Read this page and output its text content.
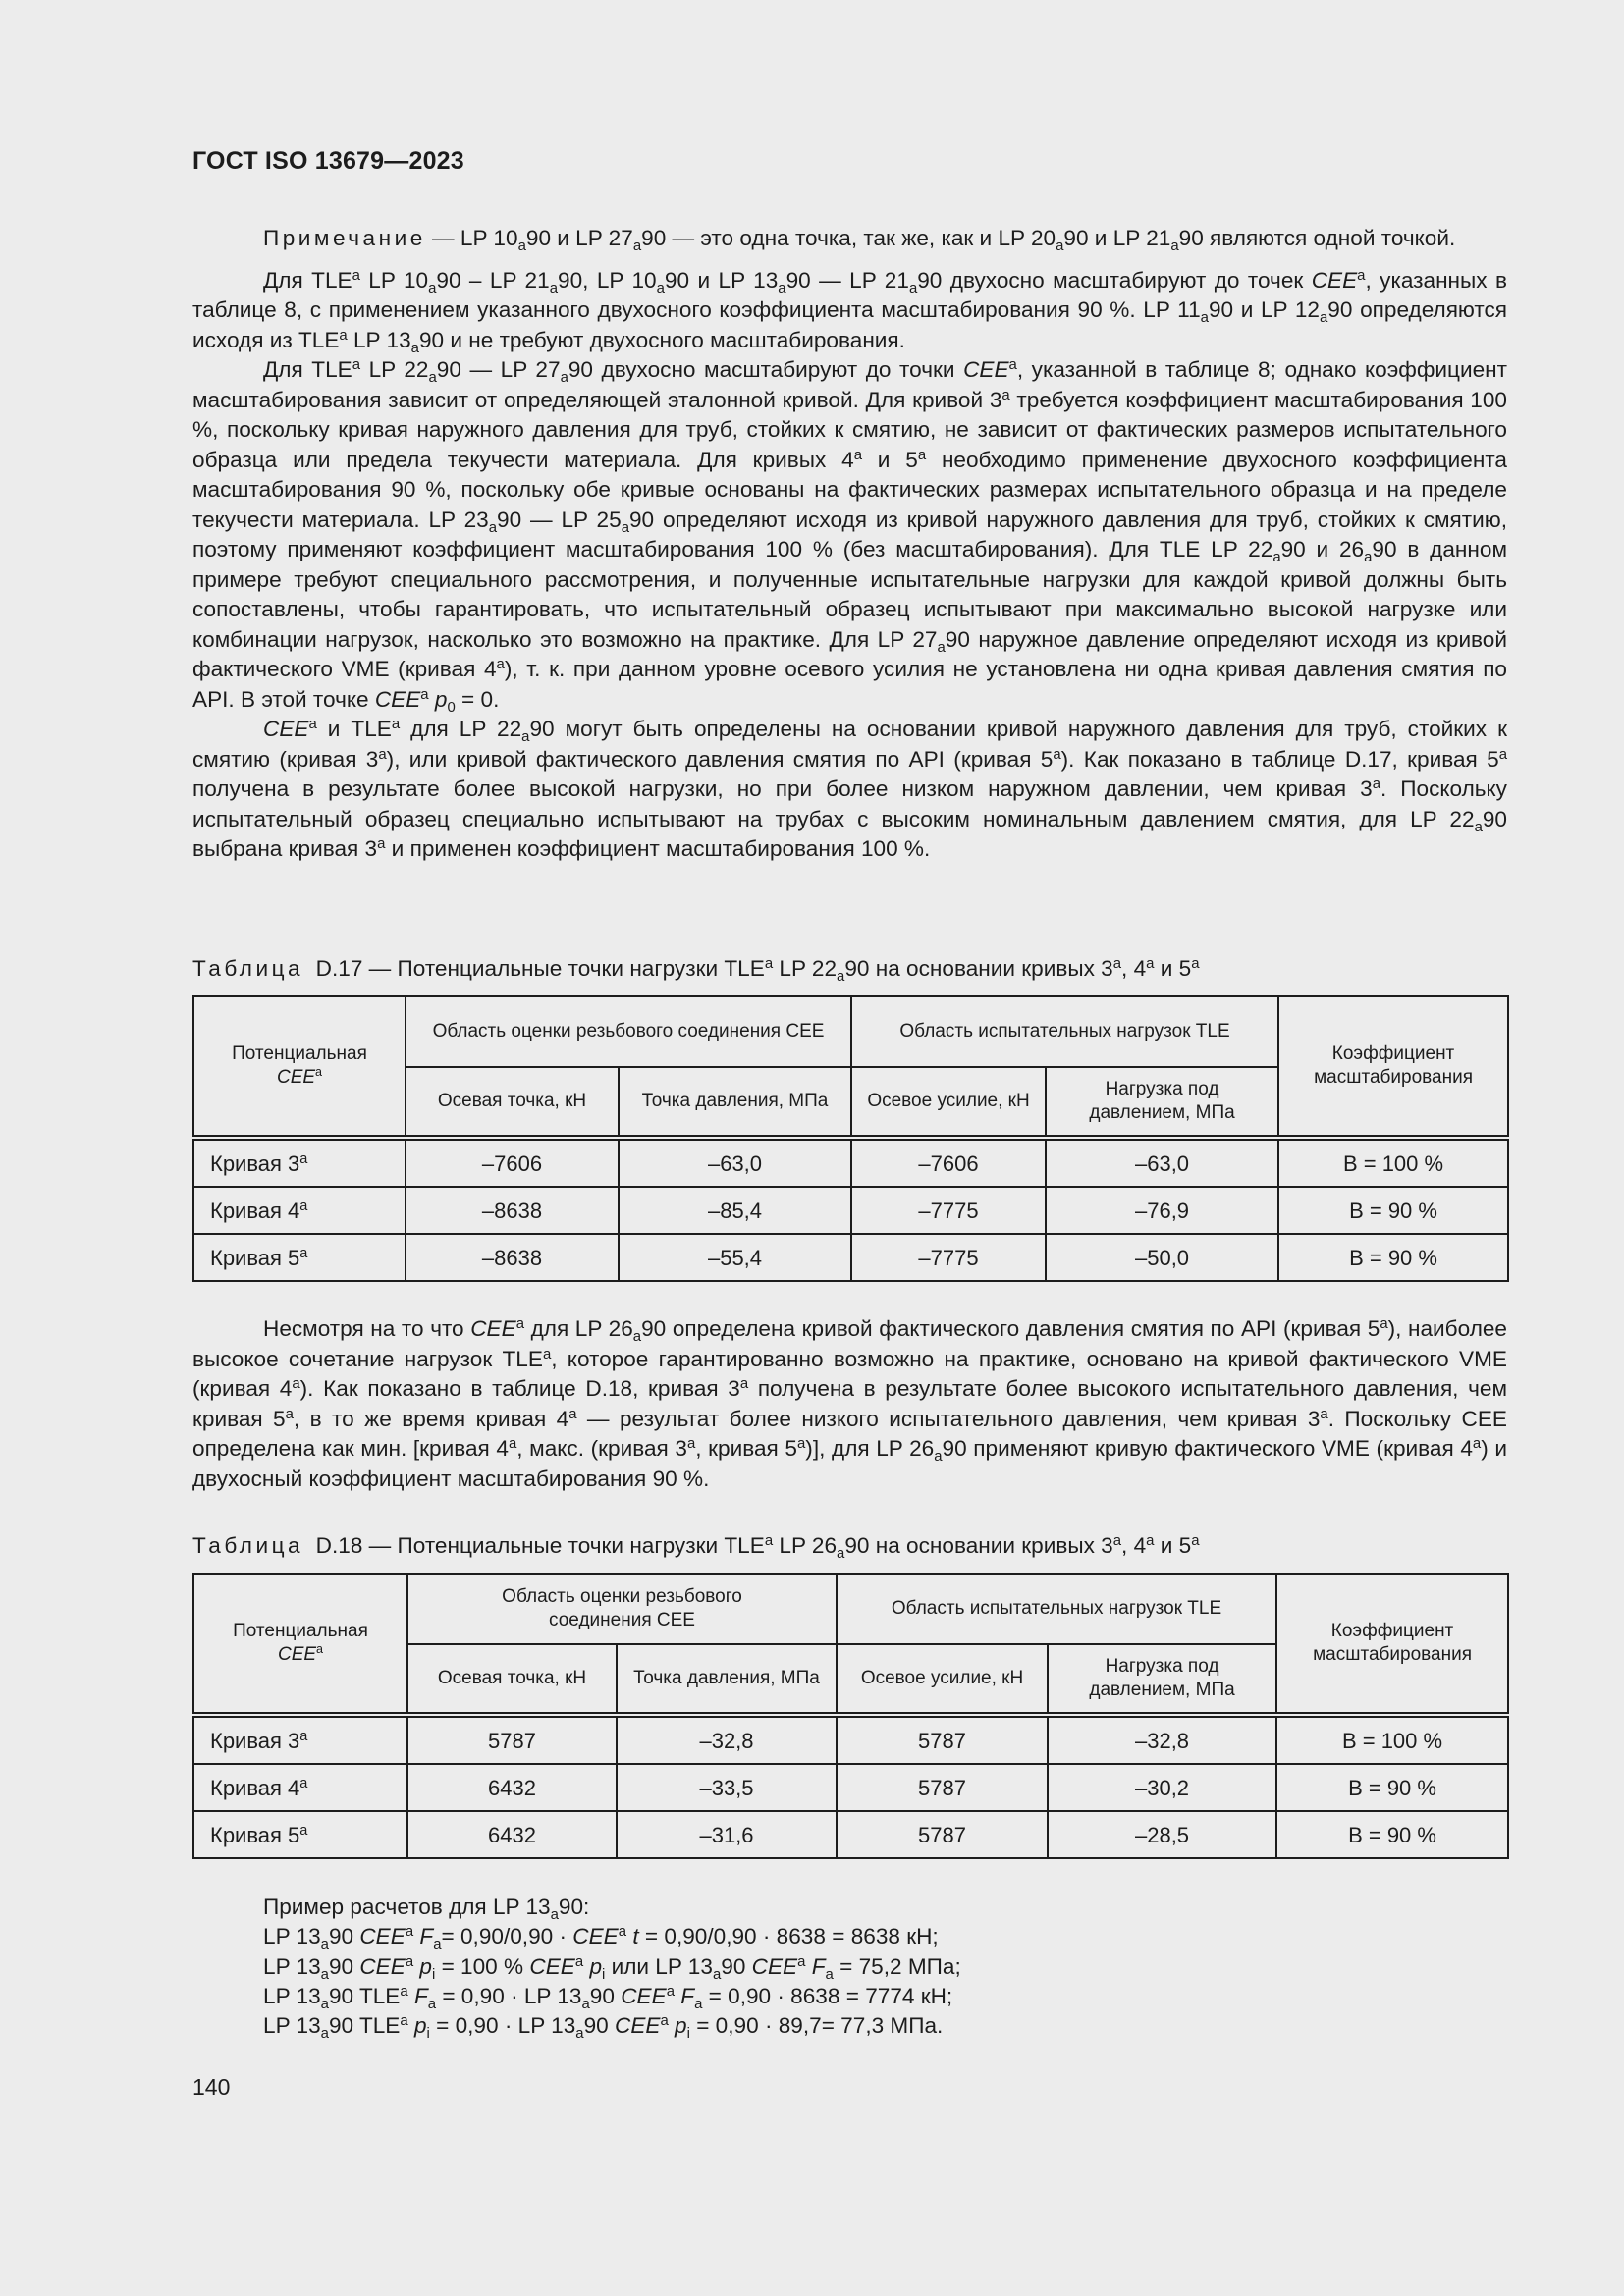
ГОСТ ISO 13679—2023

Примечание — LP $10_a90$ и LP $27_a90$ — это одна точка, так же, как и LP $20_a90$ и LP $21_a90$ являются одной точкой.

Для TLE$^a$ LP $10_a90$ – LP $21_a90$, LP $10_a90$ и LP $13_a90$ — LP $21_a90$ двухосно масштабируют до точек CEE$^a$, указанных в таблице 8, с применением указанного двухосного коэффициента масштабирования 90 %. LP $11_a90$ и LP $12_a90$ определяются исходя из TLE$^a$ LP $13_a90$ и не требуют двухосного масштабирования.

Для TLE$^a$ LP $22_a90$ — LP $27_a90$ двухосно масштабируют до точки CEE$^a$, указанной в таблице 8; однако коэффициент масштабирования зависит от определяющей эталонной кривой. Для кривой 3$^a$ требуется коэффициент масштабирования 100 %, поскольку кривая наружного давления для труб, стойких к смятию, не зависит от фактических размеров испытательного образца или предела текучести материала. Для кривых 4$^a$ и 5$^a$ необходимо применение двухосного коэффициента масштабирования 90 %, поскольку обе кривые основаны на фактических размерах испытательного образца и на пределе текучести материала. LP $23_a90$ — LP $25_a90$ определяют исходя из кривой наружного давления для труб, стойких к смятию, поэтому применяют коэффициент масштабирования 100 % (без масштабирования). Для TLE LP $22_a90$ и $26_a90$ в данном примере требуют специального рассмотрения, и полученные испытательные нагрузки для каждой кривой должны быть сопоставлены, чтобы гарантировать, что испытательный образец испытывают при максимально высокой нагрузке или комбинации нагрузок, насколько это возможно на практике. Для LP $27_a90$ наружное давление определяют исходя из кривой фактического VME (кривая 4$^a$), т. к. при данном уровне осевого усилия не установлена ни одна кривая давления смятия по API. В этой точке CEE$^a$ $p_0 = 0$.

CEE$^a$ и TLE$^a$ для LP $22_a90$ могут быть определены на основании кривой наружного давления для труб, стойких к смятию (кривая 3$^a$), или кривой фактического давления смятия по API (кривая 5$^a$). Как показано в таблице D.17, кривая 5$^a$ получена в результате более высокой нагрузки, но при более низком наружном давлении, чем кривая 3$^a$. Поскольку испытательный образец специально испытывают на трубах с высоким номинальным давлением смятия, для LP $22_a90$ выбрана кривая 3$^a$ и применен коэффициент масштабирования 100 %.

Таблица D.17 — Потенциальные точки нагрузки TLE$^a$ LP $22_a90$ на основании кривых 3$^a$, 4$^a$ и 5$^a$
Потенциальная
CEE$^a$	Область оценки резьбового соединения CEE		Область испытательных нагрузок TLE		Коэффициент масштабирования
	Осевая точка, кН	Точка давления, МПа	Осевое усилие, кН	Нагрузка под давлением, МПа	
Кривая 3$^a$	–7606	–63,0	–7606	–63,0	B = 100 %
Кривая 4$^a$	–8638	–85,4	–7775	–76,9	B = 90 %
Кривая 5$^a$	–8638	–55,4	–7775	–50,0	B = 90 %

Несмотря на то что CEE$^a$ для LP $26_a90$ определена кривой фактического давления смятия по API (кривая 5$^a$), наиболее высокое сочетание нагрузок TLE$^a$, которое гарантированно возможно на практике, основано на кривой фактического VME (кривая 4$^a$). Как показано в таблице D.18, кривая 3$^a$ получена в результате более высокого испытательного давления, чем кривая 5$^a$, в то же время кривая 4$^a$ — результат более низкого испытательного давления, чем кривая 3$^a$. Поскольку CEE определена как мин. [кривая 4$^a$, макс. (кривая 3$^a$, кривая 5$^a$)], для LP $26_a90$ применяют кривую фактического VME (кривая 4$^a$) и двухосный коэффициент масштабирования 90 %.

Таблица D.18 — Потенциальные точки нагрузки TLE$^a$ LP $26_a90$ на основании кривых 3$^a$, 4$^a$ и 5$^a$
Потенциальная
CEE$^a$	Область оценки резьбового соединения CEE		Область испытательных нагрузок TLE		Коэффициент масштабирования
	Осевая точка, кН	Точка давления, МПа	Осевое усилие, кН	Нагрузка под давлением, МПа	
Кривая 3$^a$	5787	–32,8	5787	–32,8	B = 100 %
Кривая 4$^a$	6432	–33,5	5787	–30,2	B = 90 %
Кривая 5$^a$	6432	–31,6	5787	–28,5	B = 90 %
Пример расчетов для LP $13_a90$:
LP $13_a90$ CEE$^a$ $F_a= 0,90/0,90 \cdot CEE^a$ t = 0,90/0,90 · 8638 = 8638 кН;
LP $13_a90$ CEE$^a$ $p_i = 100$ % CEE$^a$ $p_i$ или LP $13_a90$ CEE$^a$ $F_a = 75,2$ МПа;
LP $13_a90$ TLE$^a$ $F_a = 0,90$ · LP $13_a90$ CEE$^a$ $F_a = 0,90 \cdot 8638 = 7774$ кН;
LP $13_a90$ TLE$^a$ $p_i = 0,90$ · LP $13_a90$ CEE$^a$ $p_i = 0,90 \cdot 89,7= 77,3$ МПа.
140
